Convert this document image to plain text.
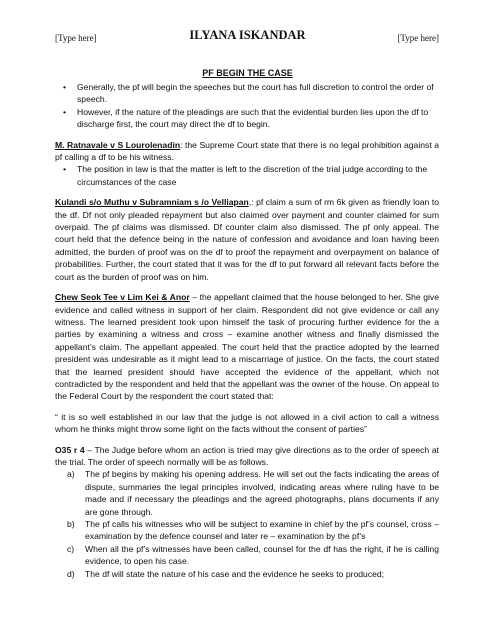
[Type here]	ILYANA ISKANDAR	[Type here]
PF BEGIN THE CASE
• Generally, the pf will begin the speeches but the court has full discretion to control the order of speech.
• However, if the nature of the pleadings are such that the evidential burden lies upon the df to discharge first, the court may direct the df to begin.

M. Ratnavale v S Lourolenadin: the Supreme Court state that there is no legal prohibition against a pf calling a df to be his witness.

• The position in law is that the matter is left to the discretion of the trial judge according to the circumstances of the case

Kulandi s/o Muthu v Subramniam s /o Velliapan,: pf claim a sum of rm 6k given as friendly loan to the df. Df not only pleaded repayment but also claimed over payment and counter claimed for sum overpaid. The pf claims was dismissed. Df counter claim also dismissed. The pf only appeal. The court held that the defence being in the nature of confession and avoidance and loan having been admitted, the burden of proof was on the df to proof the repayment and overpayment on balance of probabilities. Further, the court stated that it was for the df to put forward all relevant facts before the court as the burden of proof was on him.

Chew Seok Tee v Lim Kei & Anor – the appellant claimed that the house belonged to her. She give evidence and called witness in support of her claim. Respondent did not give evidence or call any witness. The learned president took upon himself the task of procuring further evidence for the a parties by examining a witness and cross – examine another witness and finally dismissed the appellant’s claim. The appellant appealed. The court held that the practice adopted by the learned president was undesirable as it might lead to a miscarriage of justice. On the facts, the court stated that the learned president should have accepted the evidence of the appellant, which not contradicted by the respondent and held that the appellant was the owner of the house. On appeal to the Federal Court by the respondent the court stated that:

“ it is so well established in our law that the judge is not allowed in a civil action to call a witness whom he thinks might throw some light on the facts without the consent of parties”

O35 r 4 – The Judge before whom an action is tried may give directions as to the order of speech at the trial. The order of speech normally will be as follows.

a) The pf begins by making his opening address. He will set out the facts indicating the areas of dispute, summaries the legal principles involved, indicating areas where ruling have to be made and if necessary the pleadings and the agreed photographs, plans documents if any are gone through.
b) The pf calls his witnesses who will be subject to examine in chief by the pf’s counsel, cross – examination by the defence counsel and later re – examination by the pf’s
c) When all the pf’s witnesses have been called, counsel for the df has the right, if he is calling evidence, to open his case.
d) The df will state the nature of his case and the evidence he seeks to produced;
